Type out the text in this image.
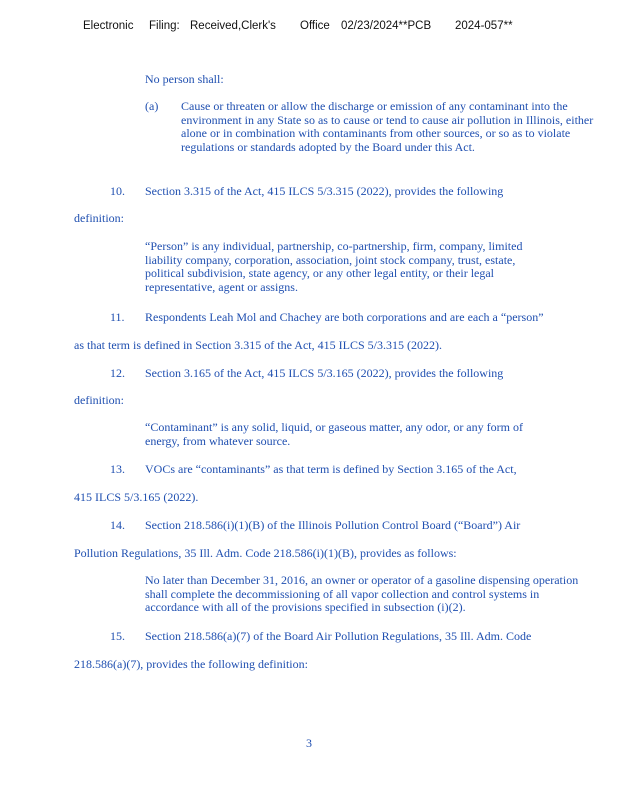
Electronic Filing: Received,Clerk's Office 02/23/2024**PCB 2024-057**
No person shall:
(a) Cause or threaten or allow the discharge or emission of any contaminant into the environment in any State so as to cause or tend to cause air pollution in Illinois, either alone or in combination with contaminants from other sources, or so as to violate regulations or standards adopted by the Board under this Act.

10. Section 3.315 of the Act, 415 ILCS 5/3.315 (2022), provides the following
definition:

“Person” is any individual, partnership, co-partnership, firm, company, limited liability company, corporation, association, joint stock company, trust, estate, political subdivision, state agency, or any other legal entity, or their legal representative, agent or assigns.

11. Respondents Leah Mol and Chachey are both corporations and are each a “person”
as that term is defined in Section 3.315 of the Act, 415 ILCS 5/3.315 (2022).
12. Section 3.165 of the Act, 415 ILCS 5/3.165 (2022), provides the following
definition:

“Contaminant” is any solid, liquid, or gaseous matter, any odor, or any form of energy, from whatever source.

13. VOCs are “contaminants” as that term is defined by Section 3.165 of the Act,
415 ILCS 5/3.165 (2022).
14. Section 218.586(i)(1)(B) of the Illinois Pollution Control Board (“Board”) Air
Pollution Regulations, 35 Ill. Adm. Code 218.586(i)(1)(B), provides as follows:

No later than December 31, 2016, an owner or operator of a gasoline dispensing operation shall complete the decommissioning of all vapor collection and control systems in accordance with all of the provisions specified in subsection (i)(2).

15. Section 218.586(a)(7) of the Board Air Pollution Regulations, 35 Ill. Adm. Code
218.586(a)(7), provides the following definition:
3
